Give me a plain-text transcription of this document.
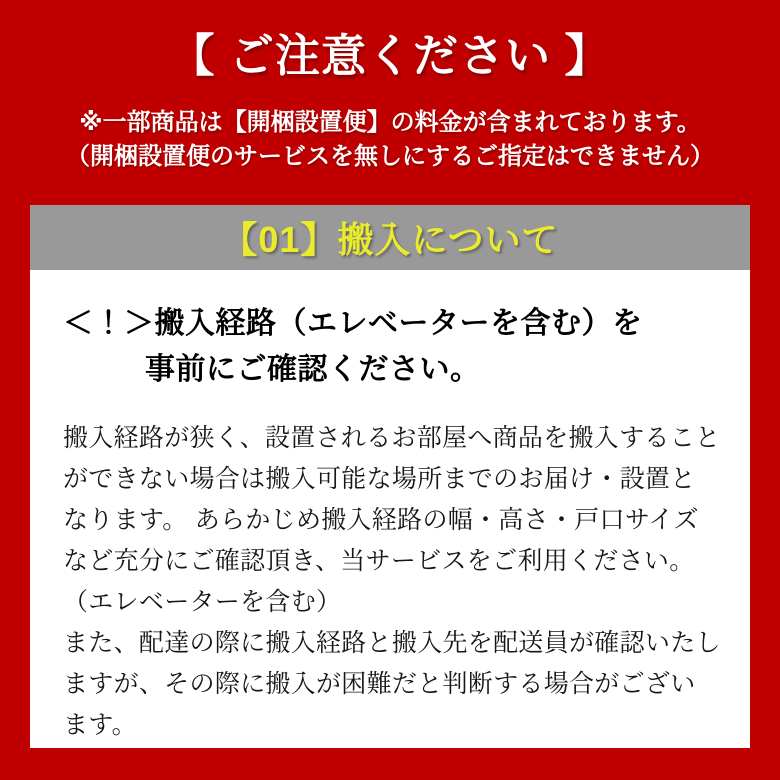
【 ご注意ください 】

※一部商品は【開梱設置便】の料金が含まれております。

（開梱設置便のサービスを無しにするご指定はできません）

【01】搬入について
＜！＞搬入経路（エレベーターを含む）を
事前にご確認ください。

搬入経路が狭く、設置されるお部屋へ商品を搬入すること

ができない場合は搬入可能な場所までのお届け・設置と

なります。 あらかじめ搬入経路の幅・高さ・戸口サイズ

など充分にご確認頂き、当サービスをご利用ください。

（エレベーターを含む）

また、配達の際に搬入経路と搬入先を配送員が確認いたし

ますが、その際に搬入が困難だと判断する場合がござい

ます。
